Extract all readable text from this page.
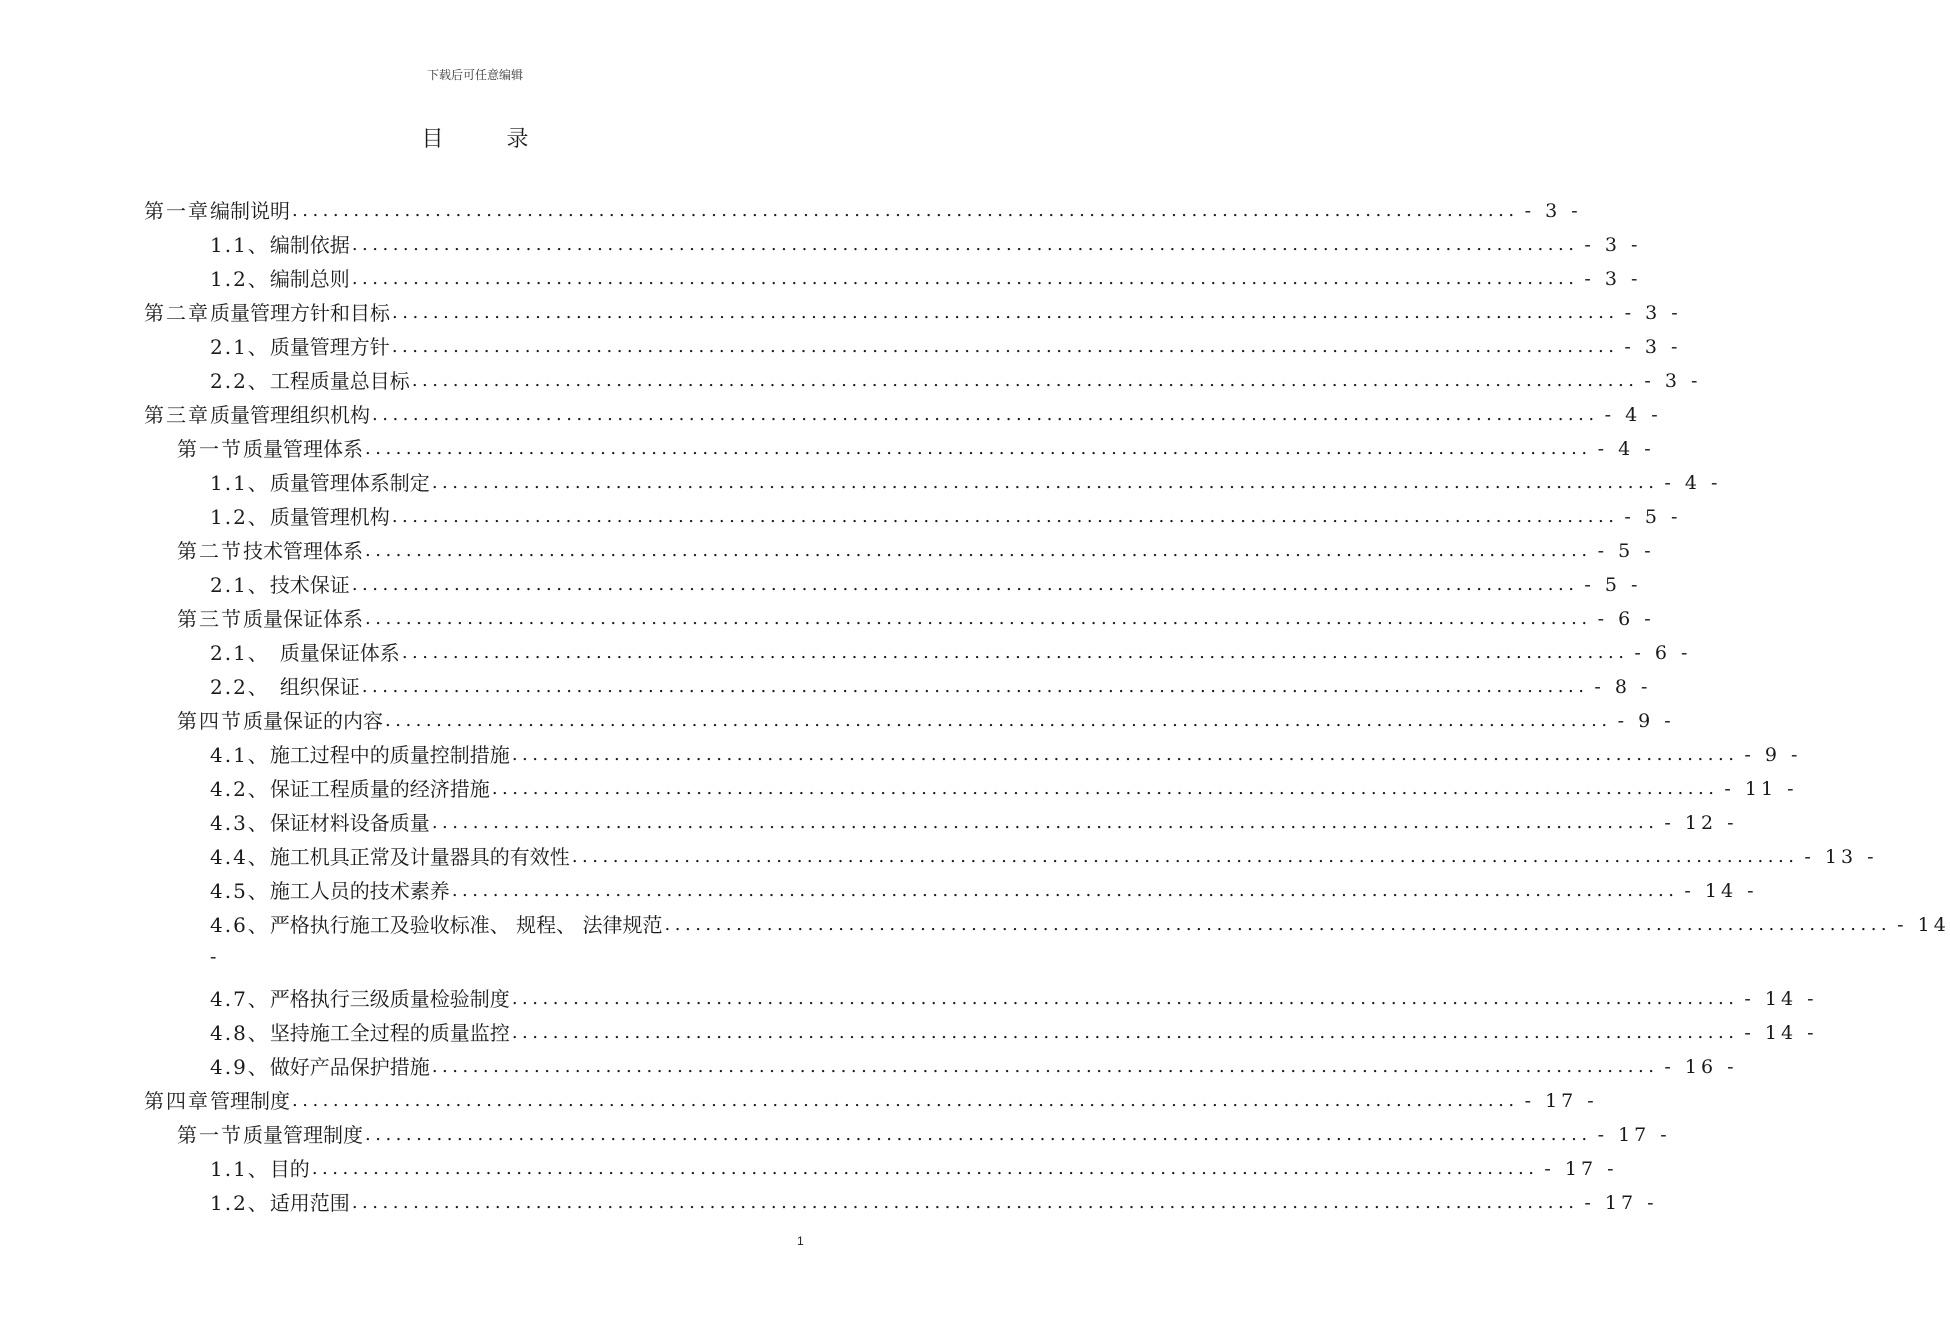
下载后可任意编辑
目 录
第一章 编制说明 ........................................................................................................................ - 3 -
1.1、 编制依据 ........................................................................................................................ - 3 -
1.2、 编制总则 ........................................................................................................................ - 3 -
第二章 质量管理方针和目标 ........................................................................................................................ - 3 -
2.1、 质量管理方针 ........................................................................................................................ - 3 -
2.2、 工程质量总目标 ........................................................................................................................ - 3 -
第三章 质量管理组织机构 ........................................................................................................................ - 4 -
第一节 质量管理体系 ........................................................................................................................ - 4 -
1.1、 质量管理体系制定 ........................................................................................................................ - 4 -
1.2、 质量管理机构 ........................................................................................................................ - 5 -
第二节 技术管理体系 ........................................................................................................................ - 5 -
2.1、 技术保证 ........................................................................................................................ - 5 -
第三节 质量保证体系 ........................................................................................................................ - 6 -
2.1、 质量保证体系 ........................................................................................................................ - 6 -
2.2、 组织保证 ........................................................................................................................ - 8 -
第四节 质量保证的内容 ........................................................................................................................ - 9 -
4.1、 施工过程中的质量控制措施 ........................................................................................................................ - 9 -
4.2、 保证工程质量的经济措施 ........................................................................................................................ - 11 -
4.3、 保证材料设备质量 ........................................................................................................................ - 12 -
4.4、 施工机具正常及计量器具的有效性 ........................................................................................................................ - 13 -
4.5、 施工人员的技术素养 ........................................................................................................................ - 14 -
4.6、 严格执行施工及验收标准、 规程、 法律规范 ........................................................................................................................ - 14
-
4.7、 严格执行三级质量检验制度 ........................................................................................................................ - 14 -
4.8、 坚持施工全过程的质量监控 ........................................................................................................................ - 14 -
4.9、 做好产品保护措施 ........................................................................................................................ - 16 -
第四章 管理制度 ........................................................................................................................ - 17 -
第一节 质量管理制度 ........................................................................................................................ - 17 -
1.1、 目的 ........................................................................................................................ - 17 -
1.2、 适用范围 ........................................................................................................................ - 17 -
1
